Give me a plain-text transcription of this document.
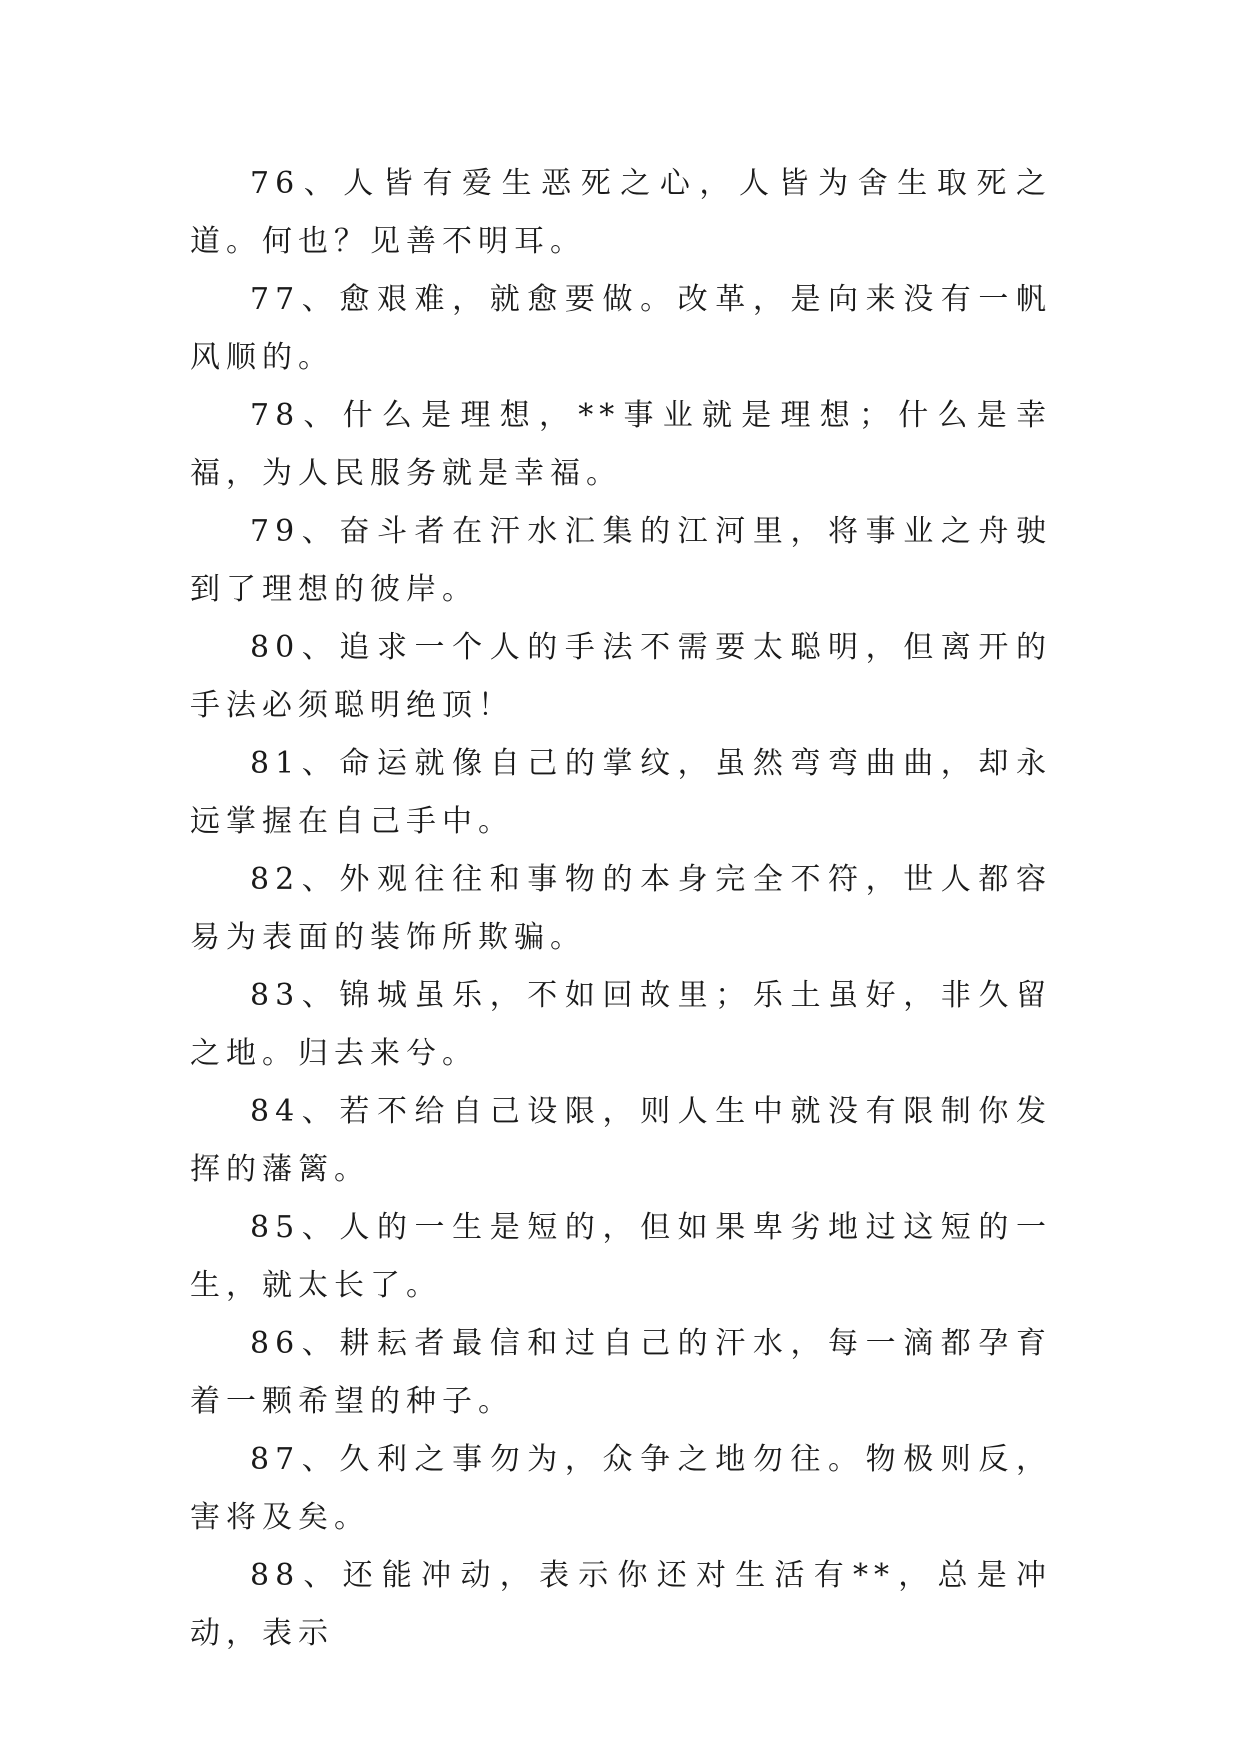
76、人皆有爱生恶死之心，人皆为舍生取死之道。何也？见善不明耳。

77、愈艰难，就愈要做。改革，是向来没有一帆风顺的。

78、什么是理想，**事业就是理想；什么是幸福，为人民服务就是幸福。

79、奋斗者在汗水汇集的江河里，将事业之舟驶到了理想的彼岸。

80、追求一个人的手法不需要太聪明，但离开的手法必须聪明绝顶！

81、命运就像自己的掌纹，虽然弯弯曲曲，却永远掌握在自己手中。

82、外观往往和事物的本身完全不符，世人都容易为表面的装饰所欺骗。

83、锦城虽乐，不如回故里；乐土虽好，非久留之地。归去来兮。

84、若不给自己设限，则人生中就没有限制你发挥的藩篱。

85、人的一生是短的，但如果卑劣地过这短的一生，就太长了。

86、耕耘者最信和过自己的汗水，每一滴都孕育着一颗希望的种子。

87、久利之事勿为，众争之地勿往。物极则反，害将及矣。

88、还能冲动，表示你还对生活有**，总是冲动，表示
